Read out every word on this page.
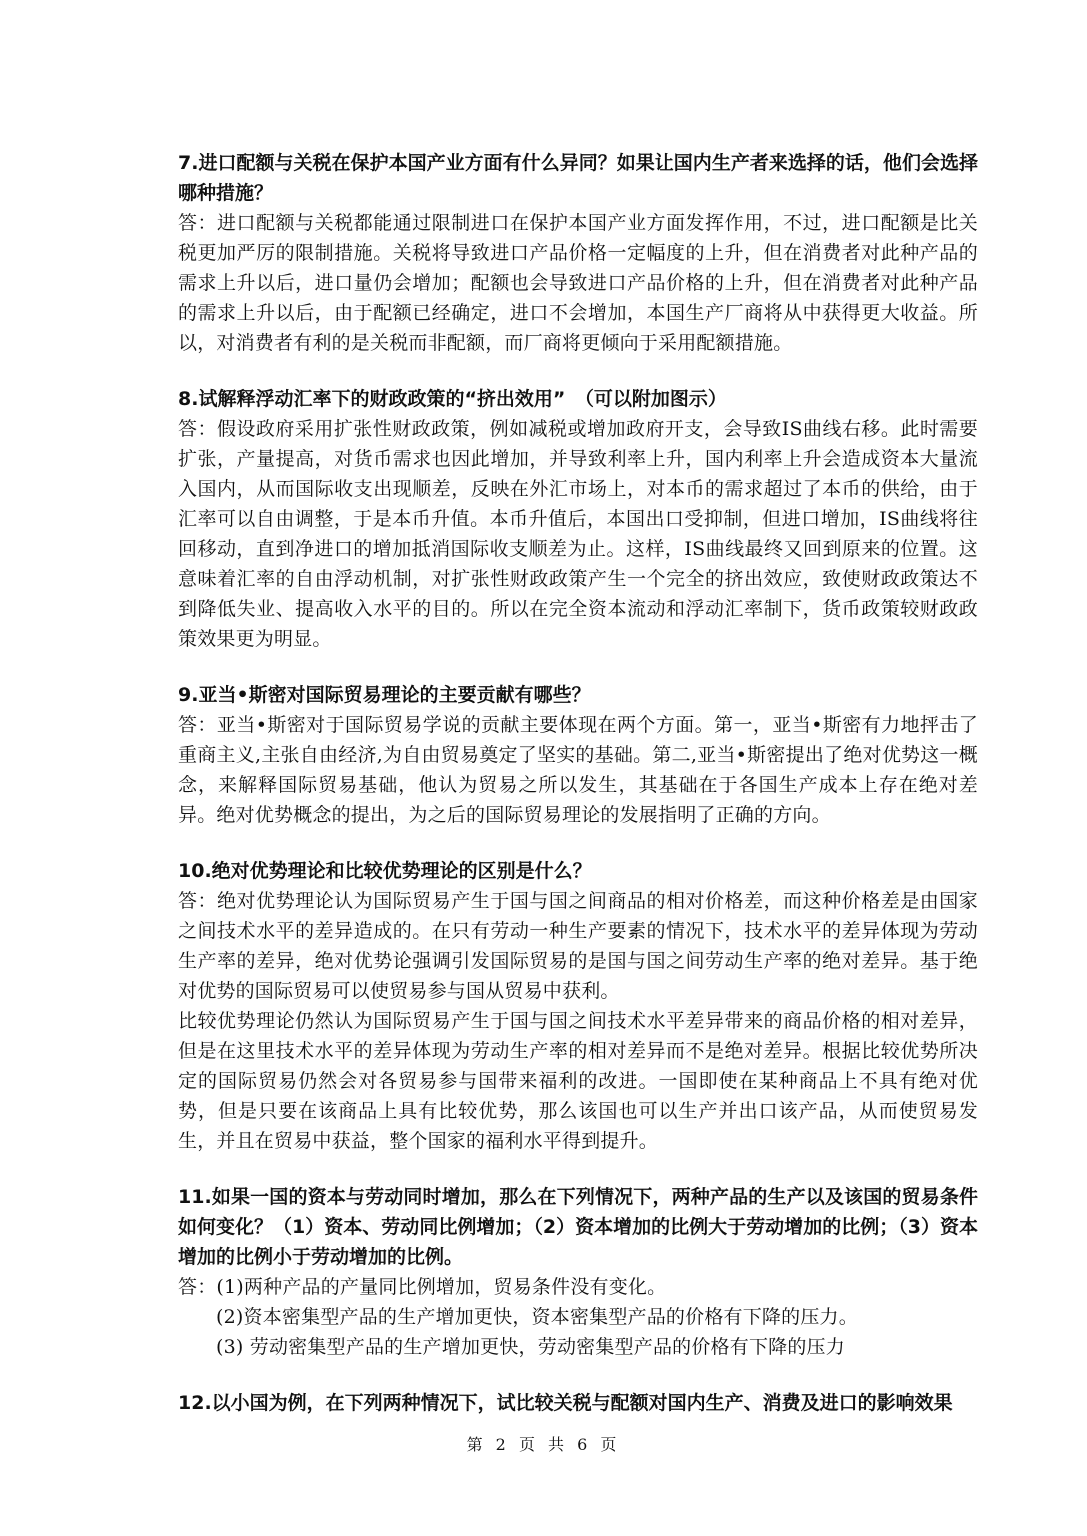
7.进口配额与关税在保护本国产业方面有什么异同？如果让国内生产者来选择的话，他们会选择哪种措施？

答：进口配额与关税都能通过限制进口在保护本国产业方面发挥作用，不过，进口配额是比关税更加严厉的限制措施。关税将导致进口产品价格一定幅度的上升，但在消费者对此种产品的需求上升以后，进口量仍会增加；配额也会导致进口产品价格的上升，但在消费者对此种产品的需求上升以后，由于配额已经确定，进口不会增加，本国生产厂商将从中获得更大收益。所以，对消费者有利的是关税而非配额，而厂商将更倾向于采用配额措施。

8.试解释浮动汇率下的财政政策的“挤出效用”　（可以附加图示）

答：假设政府采用扩张性财政政策，例如减税或增加政府开支，会导致IS曲线右移。此时需要扩张，产量提高，对货币需求也因此增加，并导致利率上升，国内利率上升会造成资本大量流入国内，从而国际收支出现顺差，反映在外汇市场上，对本币的需求超过了本币的供给，由于汇率可以自由调整，于是本币升值。本币升值后，本国出口受抑制，但进口增加，IS曲线将往回移动，直到净进口的增加抵消国际收支顺差为止。这样，IS曲线最终又回到原来的位置。这意味着汇率的自由浮动机制，对扩张性财政政策产生一个完全的挤出效应，致使财政政策达不到降低失业、提高收入水平的目的。所以在完全资本流动和浮动汇率制下，货币政策较财政政策效果更为明显。

9.亚当•斯密对国际贸易理论的主要贡献有哪些？

答：亚当•斯密对于国际贸易学说的贡献主要体现在两个方面。第一，亚当•斯密有力地抨击了重商主义,主张自由经济,为自由贸易奠定了坚实的基础。第二,亚当•斯密提出了绝对优势这一概念，来解释国际贸易基础，他认为贸易之所以发生，其基础在于各国生产成本上存在绝对差异。绝对优势概念的提出，为之后的国际贸易理论的发展指明了正确的方向。

10.绝对优势理论和比较优势理论的区别是什么？

答：绝对优势理论认为国际贸易产生于国与国之间商品的相对价格差，而这种价格差是由国家之间技术水平的差异造成的。在只有劳动一种生产要素的情况下，技术水平的差异体现为劳动生产率的差异，绝对优势论强调引发国际贸易的是国与国之间劳动生产率的绝对差异。基于绝对优势的国际贸易可以使贸易参与国从贸易中获利。

比较优势理论仍然认为国际贸易产生于国与国之间技术水平差异带来的商品价格的相对差异，但是在这里技术水平的差异体现为劳动生产率的相对差异而不是绝对差异。根据比较优势所决定的国际贸易仍然会对各贸易参与国带来福利的改进。一国即使在某种商品上不具有绝对优势，但是只要在该商品上具有比较优势，那么该国也可以生产并出口该产品，从而使贸易发生，并且在贸易中获益，整个国家的福利水平得到提升。

11.如果一国的资本与劳动同时增加，那么在下列情况下，两种产品的生产以及该国的贸易条件如何变化？（1）资本、劳动同比例增加；（2）资本增加的比例大于劳动增加的比例；（3）资本增加的比例小于劳动增加的比例。

答：(1)两种产品的产量同比例增加，贸易条件没有变化。

(2)资本密集型产品的生产增加更快，资本密集型产品的价格有下降的压力。

(3) 劳动密集型产品的生产增加更快，劳动密集型产品的价格有下降的压力

12.以小国为例，在下列两种情况下，试比较关税与配额对国内生产、消费及进口的影响效果

第 2 页 共 6 页
